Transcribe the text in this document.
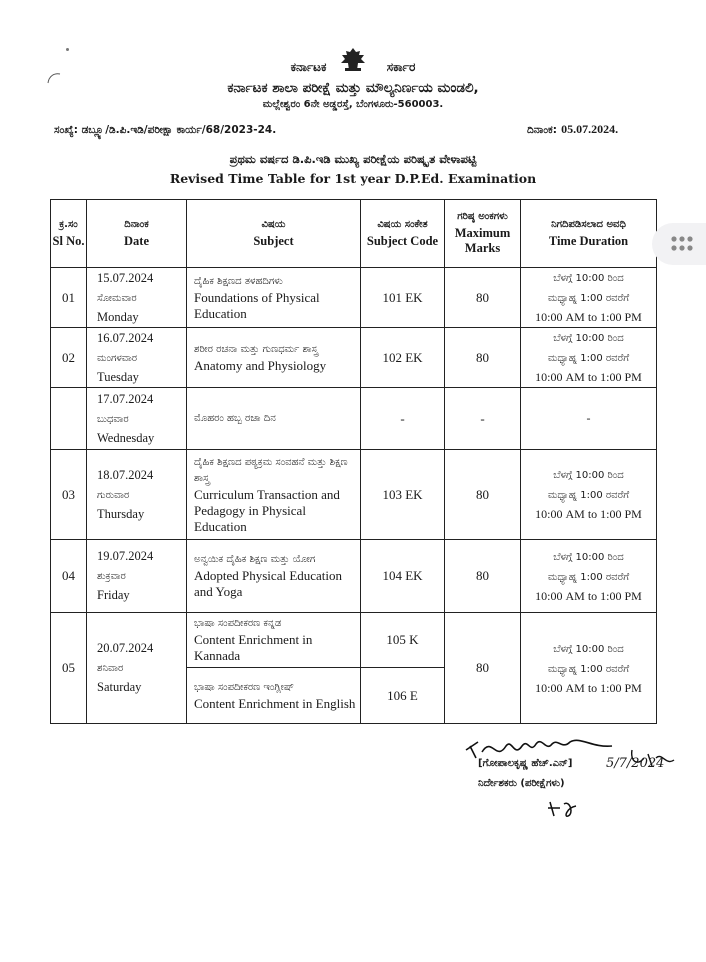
ಕರ್ನಾಟಕ	ಸರ್ಕಾರ
ಕರ್ನಾಟಕ ಶಾಲಾ ಪರೀಕ್ಷೆ ಮತ್ತು ಮೌಲ್ಯನಿರ್ಣಯ ಮಂಡಲಿ,
ಮಲ್ಲೇಶ್ವರಂ 6ನೇ ಅಡ್ಡರಸ್ತೆ, ಬೆಂಗಳೂರು-560003.
ಸಂಖ್ಯೆ: ಡಬ್ಲ್ಯೂ/ಡಿ.ಪಿ.ಇಡಿ/ಪರೀಕ್ಷಾ ಕಾರ್ಯ/68/2023-24.	ದಿನಾಂಕ: 05.07.2024.
ಪ್ರಥಮ ವರ್ಷದ ಡಿ.ಪಿ.ಇಡಿ ಮುಖ್ಯ ಪರೀಕ್ಷೆಯ ಪರಿಷ್ಕೃತ ವೇಳಾಪಟ್ಟಿ
Revised Time Table for 1st year D.P.Ed. Examination
ಕ್ರ.ಸಂ
Sl No.	ದಿನಾಂಕ
Date	ವಿಷಯ
Subject	ವಿಷಯ ಸಂಕೇತ
Subject Code	ಗರಿಷ್ಠ ಅಂಕಗಳು
Maximum Marks	ನಿಗದಿಪಡಿಸಲಾದ ಅವಧಿ
Time Duration

01	15.07.2024
ಸೋಮವಾರ
Monday	ದೈಹಿಕ ಶಿಕ್ಷಣದ ತಳಹದಿಗಳು
Foundations of Physical Education	101 EK	80	ಬೆಳಗ್ಗೆ 10:00 ರಿಂದ
ಮಧ್ಯಾಹ್ನ 1:00 ರವರೆಗೆ
10:00 AM to 1:00 PM
02	16.07.2024
ಮಂಗಳವಾರ
Tuesday	ಶರೀರ ರಚನಾ ಮತ್ತು ಗುಣಧರ್ಮ ಶಾಸ್ತ್ರ
Anatomy and Physiology	102 EK	80	ಬೆಳಗ್ಗೆ 10:00 ರಿಂದ
ಮಧ್ಯಾಹ್ನ 1:00 ರವರೆಗೆ
10:00 AM to 1:00 PM
	17.07.2024
ಬುಧವಾರ
Wednesday	ಮೊಹರಂ ಹಬ್ಬ ರಜಾ ದಿನ	-	-	-
03	18.07.2024
ಗುರುವಾರ
Thursday	ದೈಹಿಕ ಶಿಕ್ಷಣದ ಪಠ್ಯಕ್ರಮ ಸಂವಹನೆ ಮತ್ತು ಶಿಕ್ಷಣ ಶಾಸ್ತ್ರ
Curriculum Transaction and Pedagogy in Physical Education	103 EK	80	ಬೆಳಗ್ಗೆ 10:00 ರಿಂದ
ಮಧ್ಯಾಹ್ನ 1:00 ರವರೆಗೆ
10:00 AM to 1:00 PM
04	19.07.2024
ಶುಕ್ರವಾರ
Friday	ಅನ್ವಯಿಕ ದೈಹಿಕ ಶಿಕ್ಷಣ ಮತ್ತು ಯೋಗ
Adopted Physical Education and Yoga	104 EK	80	ಬೆಳಗ್ಗೆ 10:00 ರಿಂದ
ಮಧ್ಯಾಹ್ನ 1:00 ರವರೆಗೆ
10:00 AM to 1:00 PM
05	20.07.2024
ಶನಿವಾರ
Saturday	ಭಾಷಾ ಸಂಪದೀಕರಣ ಕನ್ನಡ
Content Enrichment in Kannada	105 K	80	ಬೆಳಗ್ಗೆ 10:00 ರಿಂದ
ಮಧ್ಯಾಹ್ನ 1:00 ರವರೆಗೆ
10:00 AM to 1:00 PM

		ಭಾಷಾ ಸಂಪದೀಕರಣ ಇಂಗ್ಲೀಷ್
Content Enrichment in English	106 E		
[ಗೋಪಾಲಕೃಷ್ಣ ಹೆಚ್.ಎನ್]	5/7/2024
ನಿರ್ದೇಶಕರು (ಪರೀಕ್ಷೆಗಳು)
